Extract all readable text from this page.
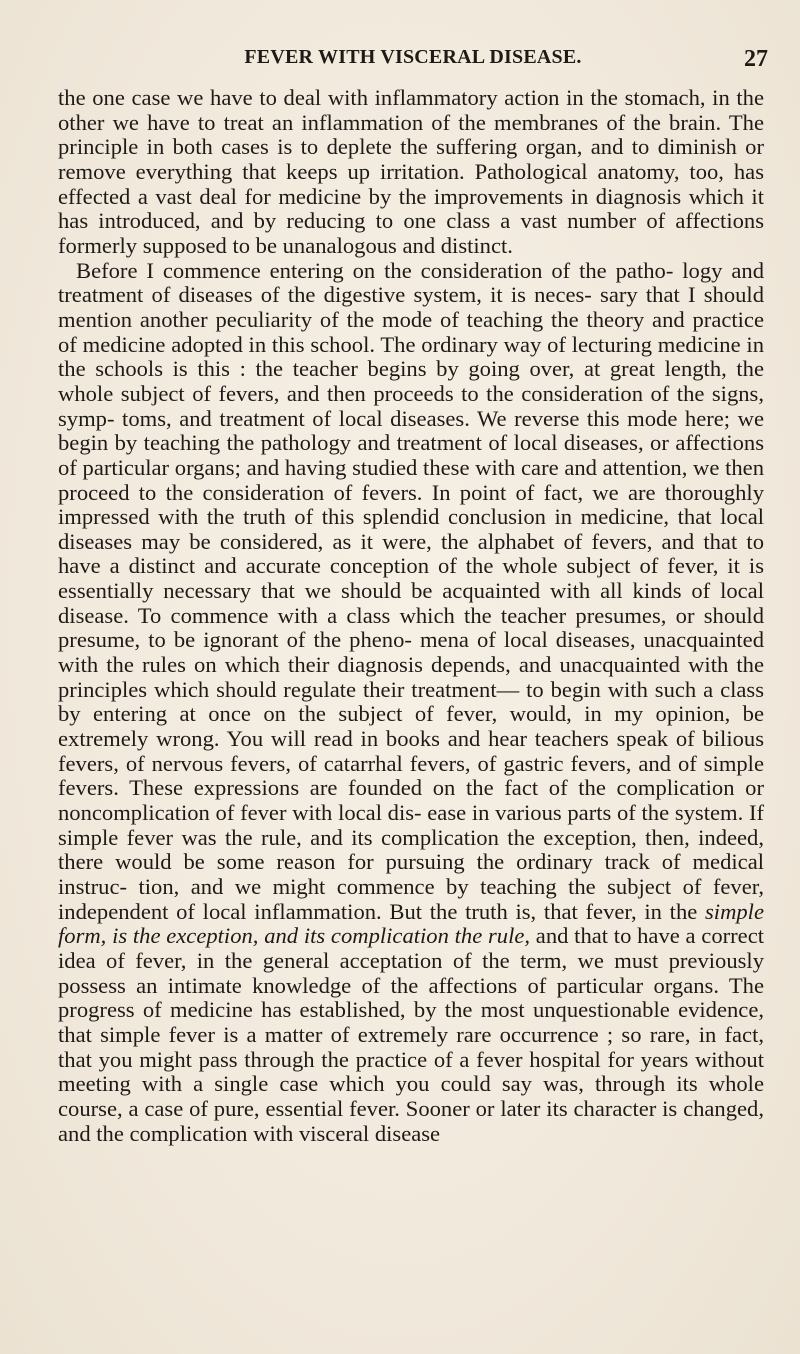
FEVER WITH VISCERAL DISEASE.	27

the one case we have to deal with inflammatory action in the stomach, in the other we have to treat an inflammation of the membranes of the brain. The principle in both cases is to deplete the suffering organ, and to diminish or remove everything that keeps up irritation. Pathological anatomy, too, has effected a vast deal for medicine by the improvements in diagnosis which it has introduced, and by reducing to one class a vast number of affections formerly supposed to be unanalogous and distinct.

Before I commence entering on the consideration of the patho- logy and treatment of diseases of the digestive system, it is neces- sary that I should mention another peculiarity of the mode of teaching the theory and practice of medicine adopted in this school. The ordinary way of lecturing medicine in the schools is this : the teacher begins by going over, at great length, the whole subject of fevers, and then proceeds to the consideration of the signs, symp- toms, and treatment of local diseases. We reverse this mode here; we begin by teaching the pathology and treatment of local diseases, or affections of particular organs; and having studied these with care and attention, we then proceed to the consideration of fevers. In point of fact, we are thoroughly impressed with the truth of this splendid conclusion in medicine, that local diseases may be considered, as it were, the alphabet of fevers, and that to have a distinct and accurate conception of the whole subject of fever, it is essentially necessary that we should be acquainted with all kinds of local disease. To commence with a class which the teacher presumes, or should presume, to be ignorant of the pheno- mena of local diseases, unacquainted with the rules on which their diagnosis depends, and unacquainted with the principles which should regulate their treatment— to begin with such a class by entering at once on the subject of fever, would, in my opinion, be extremely wrong. You will read in books and hear teachers speak of bilious fevers, of nervous fevers, of catarrhal fevers, of gastric fevers, and of simple fevers. These expressions are founded on the fact of the complication or noncomplication of fever with local dis- ease in various parts of the system. If simple fever was the rule, and its complication the exception, then, indeed, there would be some reason for pursuing the ordinary track of medical instruc- tion, and we might commence by teaching the subject of fever, independent of local inflammation. But the truth is, that fever, in the simple form, is the exception, and its complication the rule, and that to have a correct idea of fever, in the general acceptation of the term, we must previously possess an intimate knowledge of the affections of particular organs. The progress of medicine has established, by the most unquestionable evidence, that simple fever is a matter of extremely rare occurrence ; so rare, in fact, that you might pass through the practice of a fever hospital for years without meeting with a single case which you could say was, through its whole course, a case of pure, essential fever. Sooner or later its character is changed, and the complication with visceral disease
